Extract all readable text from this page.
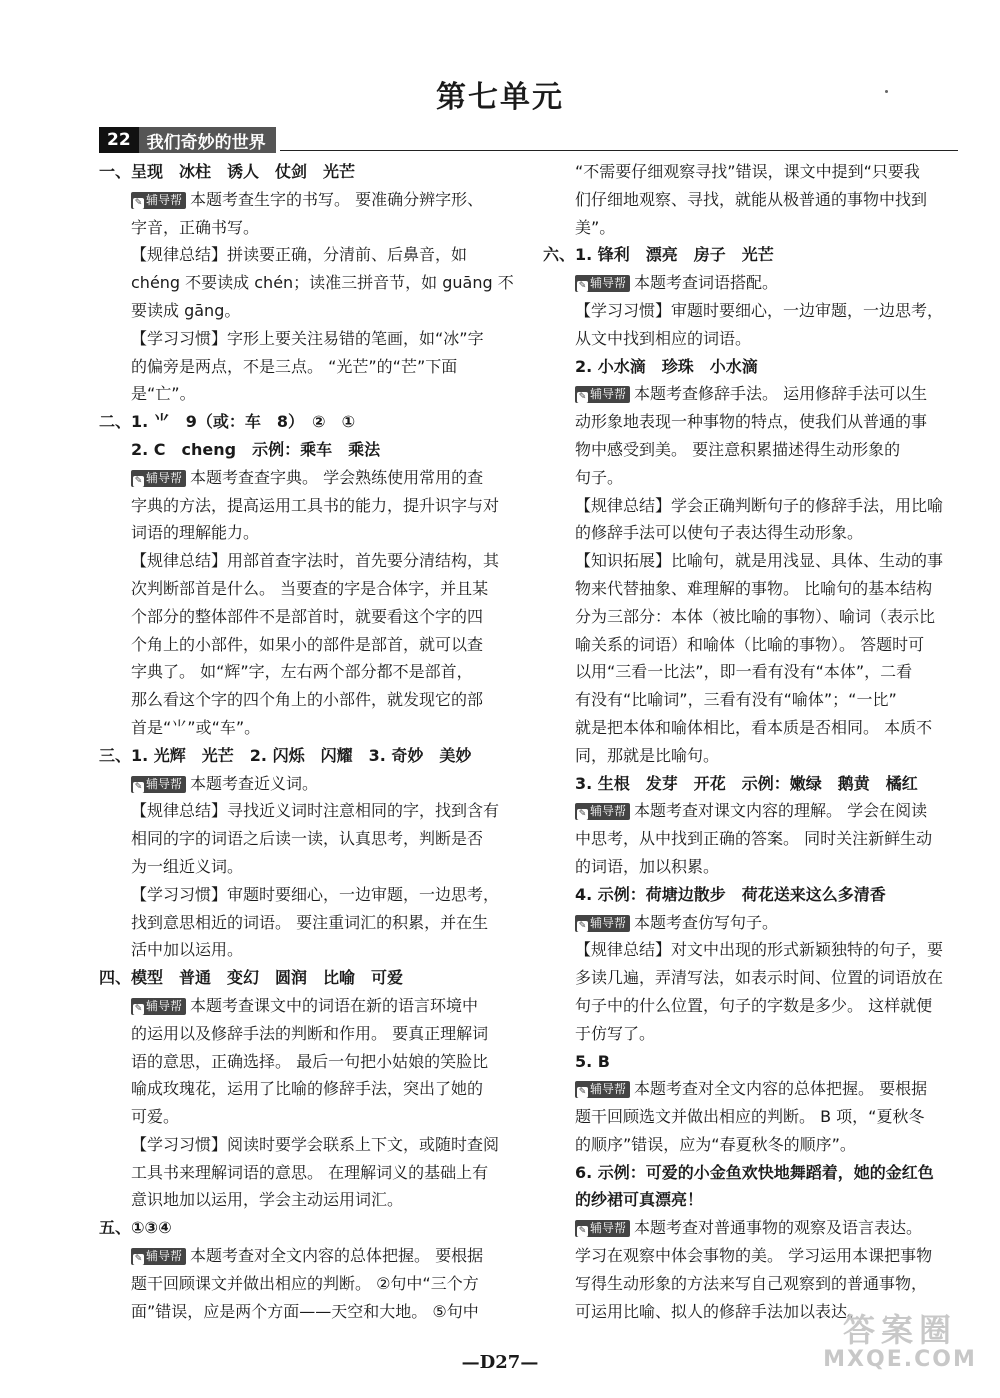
第七单元
22 我们奇妙的世界
一、呈现　冰柱　诱人　仗剑　光芒
✎ 辅导帮 本题考查生字的书写。 要准确分辨字形、
字音，正确书写。
【规律总结】拼读要正确，分清前、后鼻音，如
chéng 不要读成 chén；读准三拼音节，如 guāng 不
要读成 gāng。
【学习习惯】字形上要关注易错的笔画，如“冰”字
的偏旁是两点，不是三点。 “光芒”的“芒”下面
是“亡”。
二、1. ⺌　9（或：车　8）　②　①
2. C　cheng　示例：乘车　乘法
✎ 辅导帮 本题考查查字典。 学会熟练使用常用的查
字典的方法，提高运用工具书的能力，提升识字与对
词语的理解能力。
【规律总结】用部首查字法时，首先要分清结构，其
次判断部首是什么。 当要查的字是合体字，并且某
个部分的整体部件不是部首时，就要看这个字的四
个角上的小部件，如果小的部件是部首，就可以查
字典了。 如“辉”字，左右两个部分都不是部首，
那么看这个字的四个角上的小部件，就发现它的部
首是“⺌”或“车”。
三、1. 光辉　光芒　2. 闪烁　闪耀　3. 奇妙　美妙
✎ 辅导帮 本题考查近义词。
【规律总结】寻找近义词时注意相同的字，找到含有
相同的字的词语之后读一读，认真思考，判断是否
为一组近义词。
【学习习惯】审题时要细心，一边审题，一边思考，
找到意思相近的词语。 要注重词汇的积累，并在生
活中加以运用。
四、模型　普通　变幻　圆润　比喻　可爱
✎ 辅导帮 本题考查课文中的词语在新的语言环境中
的运用以及修辞手法的判断和作用。 要真正理解词
语的意思，正确选择。 最后一句把小姑娘的笑脸比
喻成玫瑰花，运用了比喻的修辞手法，突出了她的
可爱。
【学习习惯】阅读时要学会联系上下文，或随时查阅
工具书来理解词语的意思。 在理解词义的基础上有
意识地加以运用，学会主动运用词汇。
五、①③④
✎ 辅导帮 本题考查对全文内容的总体把握。 要根据
题干回顾课文并做出相应的判断。 ②句中“三个方
面”错误，应是两个方面——天空和大地。 ⑤句中
“不需要仔细观察寻找”错误，课文中提到“只要我
们仔细地观察、寻找，就能从极普通的事物中找到
美”。
六、1. 锋利　漂亮　房子　光芒
✎ 辅导帮 本题考查词语搭配。
【学习习惯】审题时要细心，一边审题，一边思考，
从文中找到相应的词语。
2. 小水滴　珍珠　小水滴
✎ 辅导帮 本题考查修辞手法。 运用修辞手法可以生
动形象地表现一种事物的特点，使我们从普通的事
物中感受到美。 要注意积累描述得生动形象的
句子。
【规律总结】学会正确判断句子的修辞手法，用比喻
的修辞手法可以使句子表达得生动形象。
【知识拓展】比喻句，就是用浅显、具体、生动的事
物来代替抽象、难理解的事物。 比喻句的基本结构
分为三部分：本体（被比喻的事物）、喻词（表示比
喻关系的词语）和喻体（比喻的事物）。 答题时可
以用“三看一比法”，即一看有没有“本体”，二看
有没有“比喻词”，三看有没有“喻体”；“一比”
就是把本体和喻体相比，看本质是否相同。 本质不
同，那就是比喻句。
3. 生根　发芽　开花　示例：嫩绿　鹅黄　橘红
✎ 辅导帮 本题考查对课文内容的理解。 学会在阅读
中思考，从中找到正确的答案。 同时关注新鲜生动
的词语，加以积累。
4. 示例：荷塘边散步　荷花送来这么多清香
✎ 辅导帮 本题考查仿写句子。
【规律总结】对文中出现的形式新颖独特的句子，要
多读几遍，弄清写法，如表示时间、位置的词语放在
句子中的什么位置，句子的字数是多少。 这样就便
于仿写了。
5. B
✎ 辅导帮 本题考查对全文内容的总体把握。 要根据
题干回顾选文并做出相应的判断。 B 项，“夏秋冬
的顺序”错误，应为“春夏秋冬的顺序”。
6. 示例：可爱的小金鱼欢快地舞蹈着，她的金红色
的纱裙可真漂亮！
✎ 辅导帮 本题考查对普通事物的观察及语言表达。
学习在观察中体会事物的美。 学习运用本课把事物
写得生动形象的方法来写自己观察到的普通事物，
可运用比喻、拟人的修辞手法加以表达。
—D27—
答案圈
MXQE.COM
